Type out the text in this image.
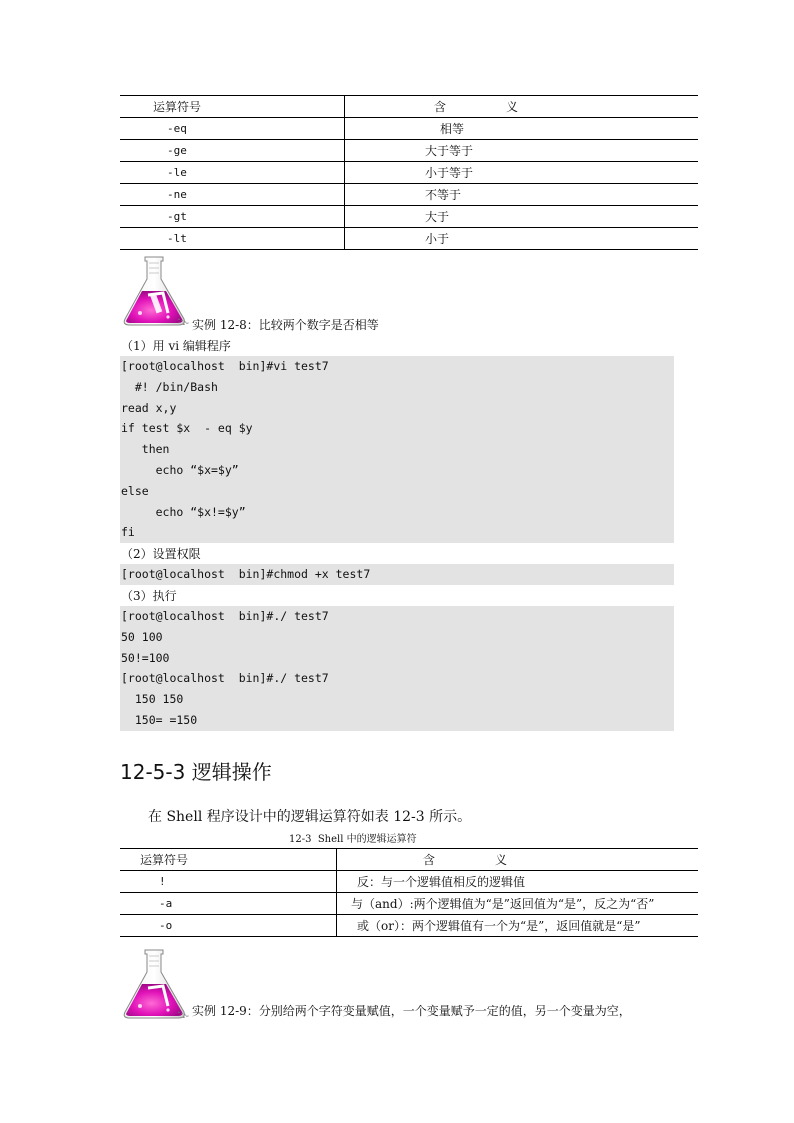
运算符号	含　　　　　义
-eq	相等
-ge	大于等于
-le	小于等于
-ne	不等于
-gt	大于
-lt	小于
实例 12-8：比较两个数字是否相等
（1）用 vi 编辑程序
[root@localhost  bin]#vi test7
#! /bin/Bash
read x,y
if test $x  - eq $y
then
echo “$x=$y”
else
echo “$x!=$y”
fi
（2）设置权限
[root@localhost  bin]#chmod +x test7
（3）执行
[root@localhost  bin]#./ test7
50 100
50!=100
[root@localhost  bin]#./ test7
150 150
150= =150
12-5-3 逻辑操作
在 Shell 程序设计中的逻辑运算符如表 12-3 所示。
12-3  Shell 中的逻辑运算符
运算符号	含　　　　　义
!	反：与一个逻辑值相反的逻辑值
-a	与（and）:两个逻辑值为“是”返回值为“是”，反之为“否”
-o	或（or）：两个逻辑值有一个为“是”，返回值就是“是”
实例 12-9：分别给两个字符变量赋值，一个变量赋予一定的值，另一个变量为空，
